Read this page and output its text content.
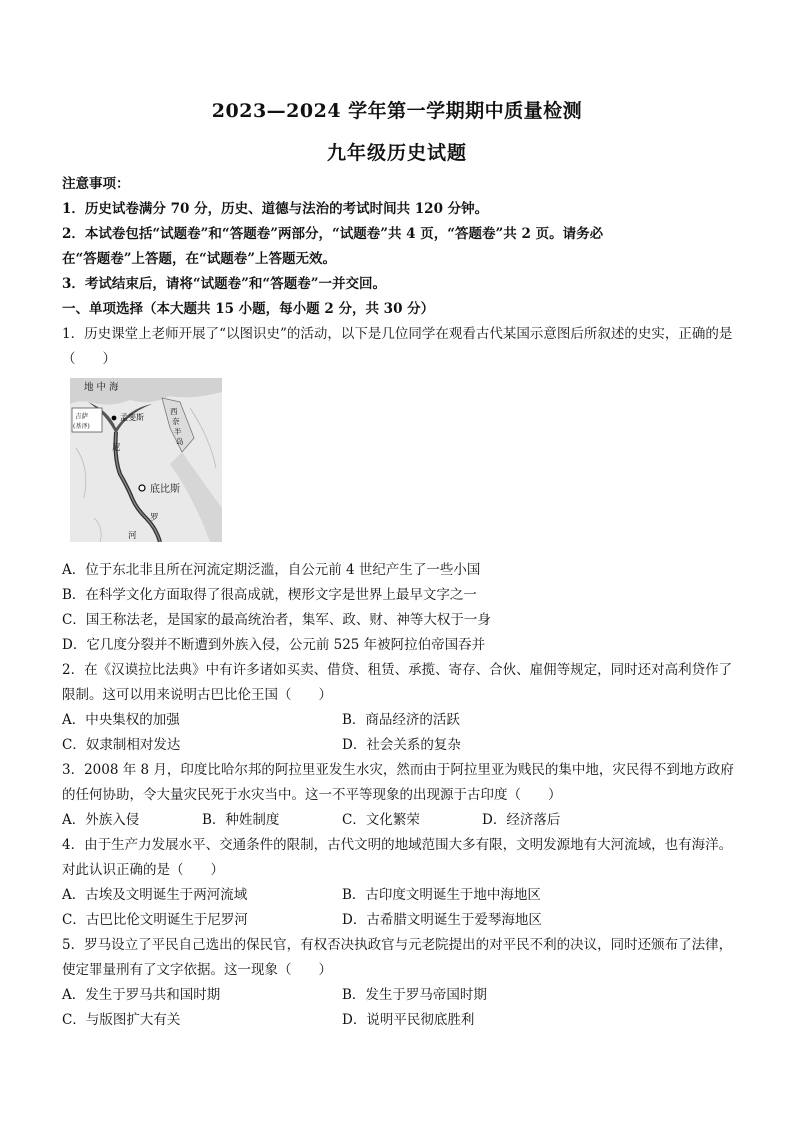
2023—2024 学年第一学期期中质量检测
九年级历史试题
注意事项：
1．历史试卷满分 70 分，历史、道德与法治的考试时间共 120 分钟。
2．本试卷包括“试题卷”和“答题卷”两部分，“试题卷”共 4 页，“答题卷”共 2 页。请务必
在“答题卷”上答题，在“试题卷”上答题无效。
3．考试结束后，请将“试题卷”和“答题卷”一并交回。
一、单项选择（本大题共 15 小题，每小题 2 分，共 30 分）
1．历史课堂上老师开展了“以图识史”的活动，以下是几位同学在观看古代某国示意图后所叙述的史实，正确的是（　　）
地 中 海
吉萨
(基泽)
孟斐斯
西
奈
半
岛
尼
底比斯
罗
河
A．位于东北非且所在河流定期泛滥，自公元前 4 世纪产生了一些小国
B．在科学文化方面取得了很高成就，楔形文字是世界上最早文字之一
C．国王称法老，是国家的最高统治者，集军、政、财、神等大权于一身
D．它几度分裂并不断遭到外族入侵，公元前 525 年被阿拉伯帝国吞并
2．在《汉谟拉比法典》中有许多诸如买卖、借贷、租赁、承揽、寄存、合伙、雇佣等规定，同时还对高利贷作了限制。这可以用来说明古巴比伦王国（　　）
A．中央集权的加强	B．商品经济的活跃
C．奴隶制相对发达	D．社会关系的复杂
3．2008 年 8 月，印度比哈尔邦的阿拉里亚发生水灾，然而由于阿拉里亚为贱民的集中地，灾民得不到地方政府的任何协助，令大量灾民死于水灾当中。这一不平等现象的出现源于古印度（　　）
A．外族入侵	B．种姓制度	C．文化繁荣	D．经济落后
4．由于生产力发展水平、交通条件的限制，古代文明的地域范围大多有限，文明发源地有大河流域，也有海洋。对此认识正确的是（　　）
A．古埃及文明诞生于两河流域	B．古印度文明诞生于地中海地区
C．古巴比伦文明诞生于尼罗河	D．古希腊文明诞生于爱琴海地区
5．罗马设立了平民自己选出的保民官，有权否决执政官与元老院提出的对平民不利的决议，同时还颁布了法律，使定罪量刑有了文字依据。这一现象（　　）
A．发生于罗马共和国时期	B．发生于罗马帝国时期
C．与版图扩大有关	D．说明平民彻底胜利
